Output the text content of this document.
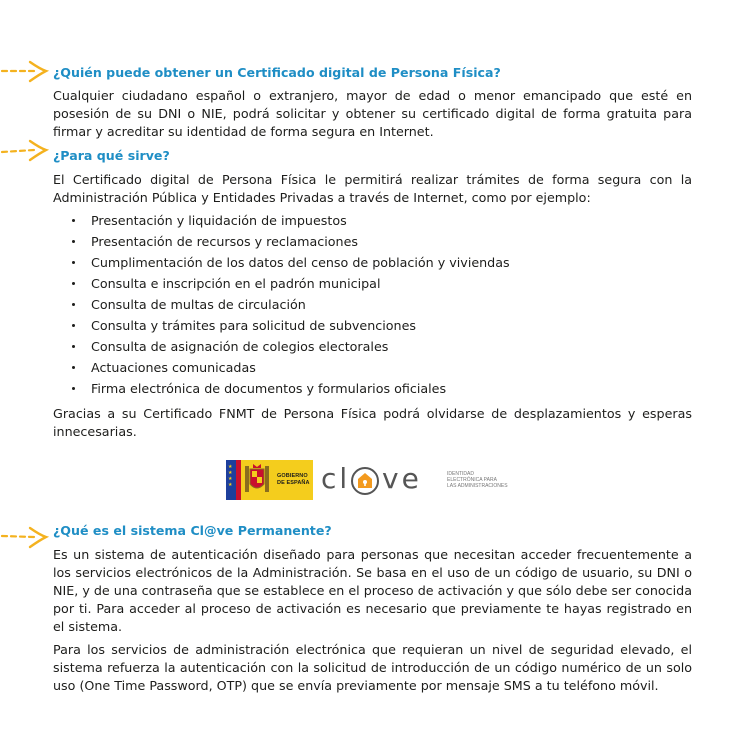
¿Quién puede obtener un Certificado digital de Persona Física?

Cualquier ciudadano español o extranjero, mayor de edad o menor emancipado que esté en posesión de su DNI o NIE, podrá solicitar y obtener su certificado digital de forma gratuita para firmar y acreditar su identidad de forma segura en Internet.

¿Para qué sirve?

El Certificado digital de Persona Física le permitirá realizar trámites de forma segura con la Administración Pública y Entidades Privadas a través de Internet, como por ejemplo:

Presentación y liquidación de impuestos
Presentación de recursos y reclamaciones
Cumplimentación de los datos del censo de población y viviendas
Consulta e inscripción en el padrón municipal
Consulta de multas de circulación
Consulta y trámites para solicitud de subvenciones
Consulta de asignación de colegios electorales
Actuaciones comunicadas
Firma electrónica de documentos y formularios oficiales

Gracias a su Certificado FNMT de Persona Física podrá olvidarse de desplazamientos y esperas innecesarias.

★ ★ ★ ★
GOBIERNO DE ESPAÑA cl ve	IDENTIDAD
ELECTRÓNICA PARA
LAS ADMINISTRACIONES
¿Qué es el sistema Cl@ve Permanente?

Es un sistema de autenticación diseñado para personas que necesitan acceder frecuentemente a los servicios electrónicos de la Administración. Se basa en el uso de un código de usuario, su DNI o NIE, y de una contraseña que se establece en el proceso de activación y que sólo debe ser conocida por ti. Para acceder al proceso de activación es necesario que previamente te hayas registrado en el sistema.

Para los servicios de administración electrónica que requieran un nivel de seguridad elevado, el sistema refuerza la autenticación con la solicitud de introducción de un código numérico de un solo uso (One Time Password, OTP) que se envía previamente por mensaje SMS a tu teléfono móvil.
